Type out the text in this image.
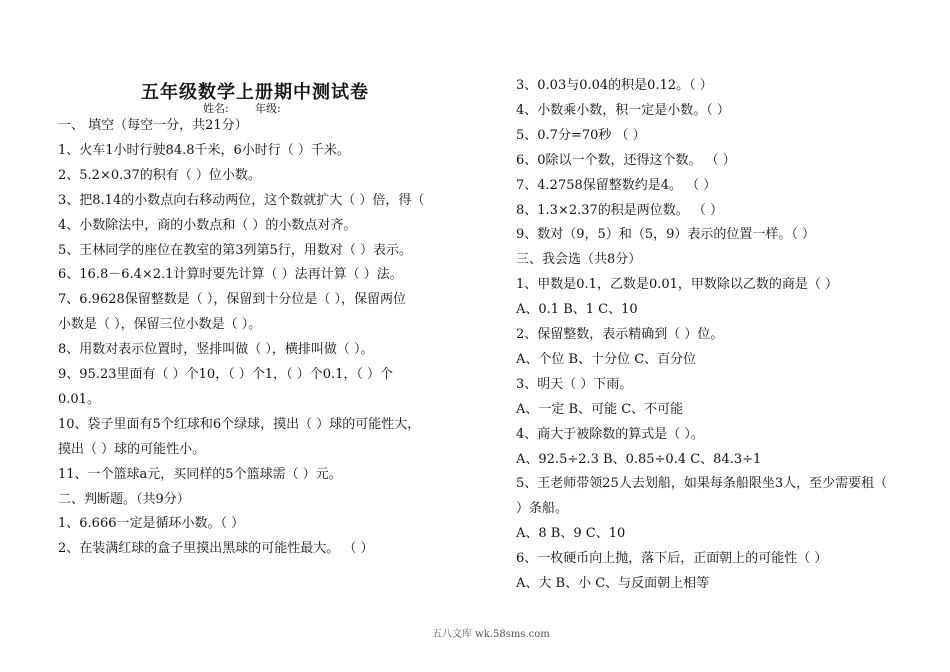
五年级数学上册期中测试卷
姓名: 年级:
一、 填空（每空一分，共21分）
1、火车1小时行驶84.8千米，6小时行（ ）千米。
2、5.2×0.37的积有（ ）位小数。
3、把8.14的小数点向右移动两位，这个数就扩大（ ）倍，得（
4、小数除法中，商的小数点和（ ）的小数点对齐。
5、王林同学的座位在教室的第3列第5行，用数对（ ）表示。
6、16.8－6.4×2.1计算时要先计算（ ）法再计算（ ）法。
7、6.9628保留整数是（ ），保留到十分位是（ ），保留两位
小数是（ ），保留三位小数是（ ）。
8、用数对表示位置时，竖排叫做（ ），横排叫做（ ）。
9、95.23里面有（ ）个10，（ ）个1，（ ）个0.1，（ ）个
0.01。
10、袋子里面有5个红球和6个绿球，摸出（ ）球的可能性大，
摸出（ ）球的可能性小。
11、一个篮球a元，买同样的5个篮球需（ ）元。
二、判断题。（共9分）
1、6.666一定是循环小数。（ ）
2、在装满红球的盒子里摸出黑球的可能性最大。 （ ）
3、0.03与0.04的积是0.12。（ ）
4、小数乘小数，积一定是小数。（ ）
5、0.7分=70秒 （ ）
6、0除以一个数，还得这个数。 （ ）
7、4.2758保留整数约是4。 （ ）
8、1.3×2.37的积是两位数。 （ ）
9、数对（9，5）和（5，9）表示的位置一样。（ ）
三、我会选（共8分）
1、甲数是0.1，乙数是0.01，甲数除以乙数的商是（ ）
A、0.1 B、1 C、10
2、保留整数，表示精确到（ ）位。
A、个位 B、十分位 C、百分位
3、明天（ ）下雨。
A、一定 B、可能 C、不可能
4、商大于被除数的算式是（ ）。
A、92.5÷2.3 B、0.85÷0.4 C、84.3÷1
5、王老师带领25人去划船，如果每条船限坐3人，至少需要租（
）条船。
A、8 B、9 C、10
6、一枚硬币向上抛，落下后，正面朝上的可能性（ ）
A、大 B、小 C、与反面朝上相等
五八文库 wk.58sms.com
